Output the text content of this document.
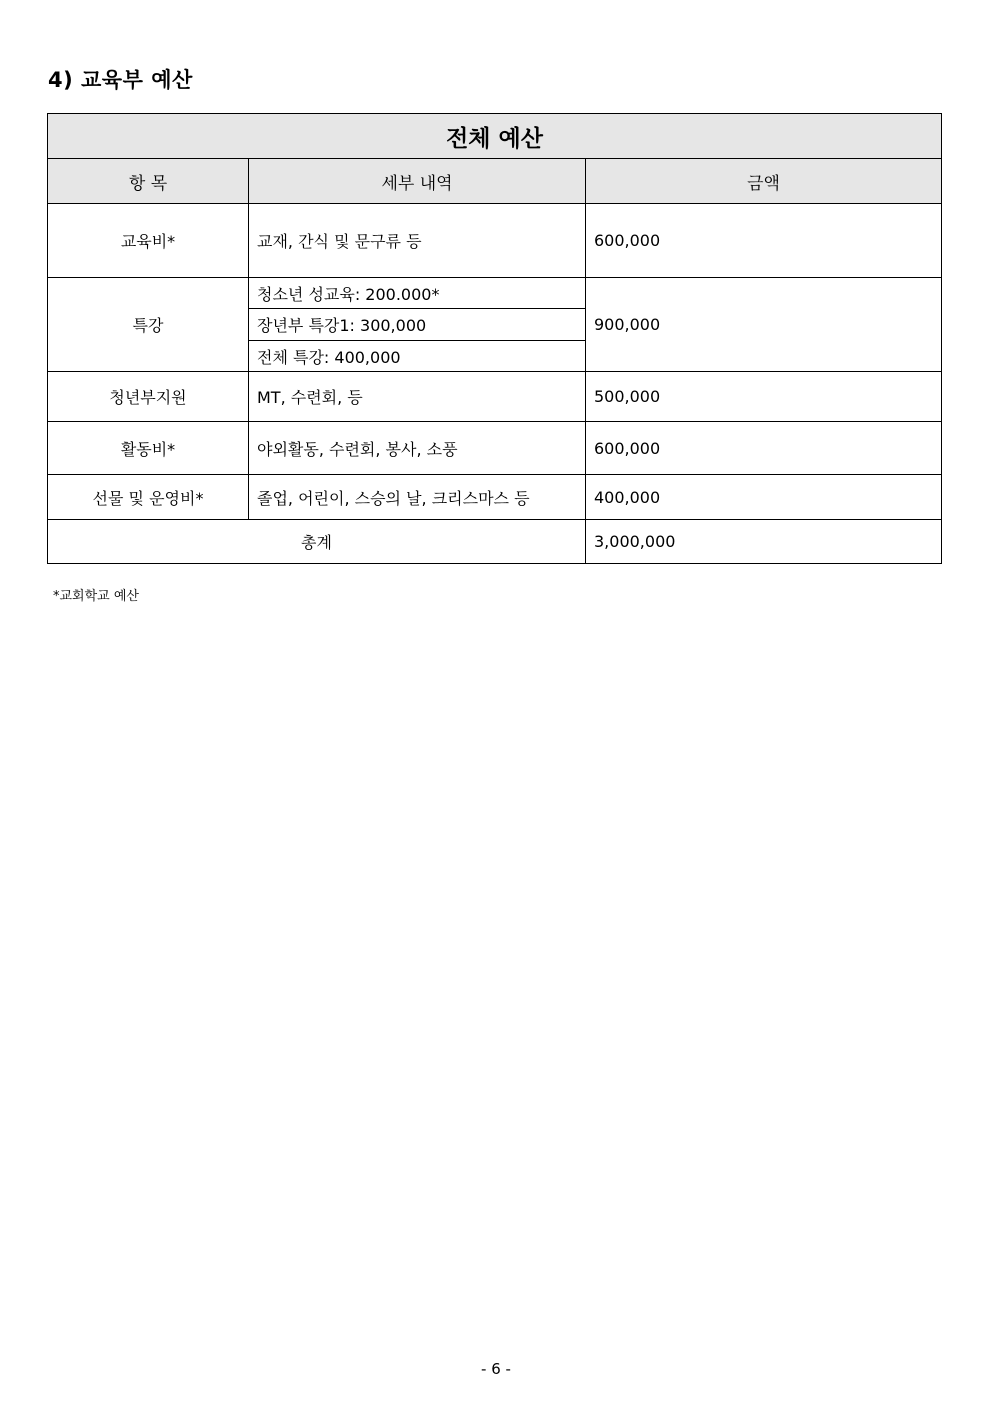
4) 교육부 예산
전체 예산		
항 목	세부 내역	금액
교육비*	교재, 간식 및 문구류 등	600,000
특강	청소년 성교육: 200.000*	900,000
	장년부 특강1: 300,000	
	전체 특강: 400,000	
청년부지원	MT, 수련회, 등	500,000
활동비*	야외활동, 수련회, 봉사, 소풍	600,000
선물 및 운영비*	졸업, 어린이, 스승의 날, 크리스마스 등	400,000
총계		3,000,000
*교회학교 예산
- 6 -
